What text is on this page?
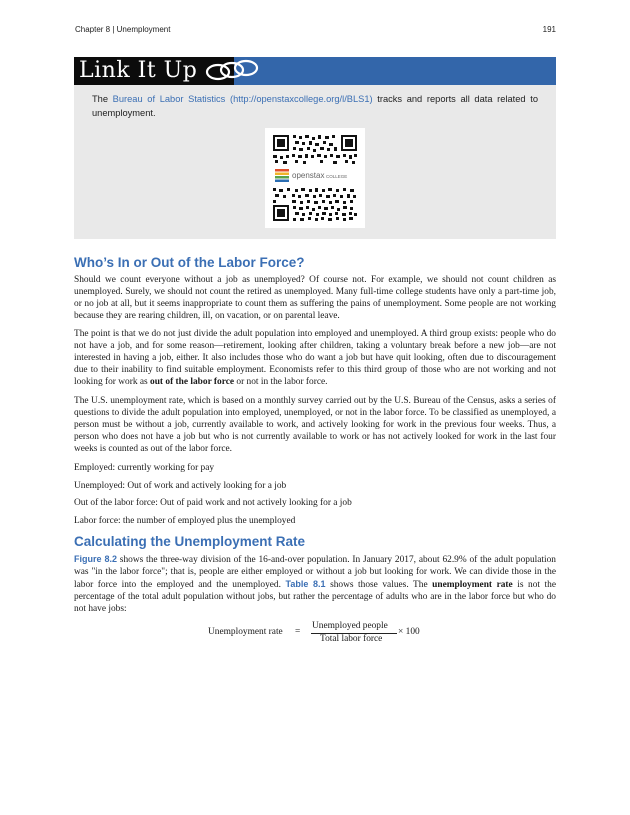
Chapter 8 | Unemployment	191
Link It Up
The Bureau of Labor Statistics (http://openstaxcollege.org/l/BLS1) tracks and reports all data related to unemployment.
openstax COLLEGE
Who’s In or Out of the Labor Force?

Should we count everyone without a job as unemployed? Of course not. For example, we should not count children as unemployed. Surely, we should not count the retired as unemployed. Many full-time college students have only a part-time job, or no job at all, but it seems inappropriate to count them as suffering the pains of unemployment. Some people are not working because they are rearing children, ill, on vacation, or on parental leave.

The point is that we do not just divide the adult population into employed and unemployed. A third group exists: people who do not have a job, and for some reason—retirement, looking after children, taking a voluntary break before a new job—are not interested in having a job, either. It also includes those who do want a job but have quit looking, often due to discouragement due to their inability to find suitable employment. Economists refer to this third group of those who are not working and not looking for work as out of the labor force or not in the labor force.

The U.S. unemployment rate, which is based on a monthly survey carried out by the U.S. Bureau of the Census, asks a series of questions to divide the adult population into employed, unemployed, or not in the labor force. To be classified as unemployed, a person must be without a job, currently available to work, and actively looking for work in the previous four weeks. Thus, a person who does not have a job but who is not currently available to work or has not actively looked for work in the last four weeks is counted as out of the labor force.

Employed: currently working for pay
Unemployed: Out of work and actively looking for a job
Out of the labor force: Out of paid work and not actively looking for a job
Labor force: the number of employed plus the unemployed
Calculating the Unemployment Rate

Figure 8.2 shows the three-way division of the 16-and-over population. In January 2017, about 62.9% of the adult population was "in the labor force"; that is, people are either employed or without a job but looking for work. We can divide those in the labor force into the employed and the unemployed. Table 8.1 shows those values. The unemployment rate is not the percentage of the total adult population without jobs, but rather the percentage of adults who are in the labor force but who do not have jobs:

Unemployment rate =
Unemployed people
Total labor force
× 100
